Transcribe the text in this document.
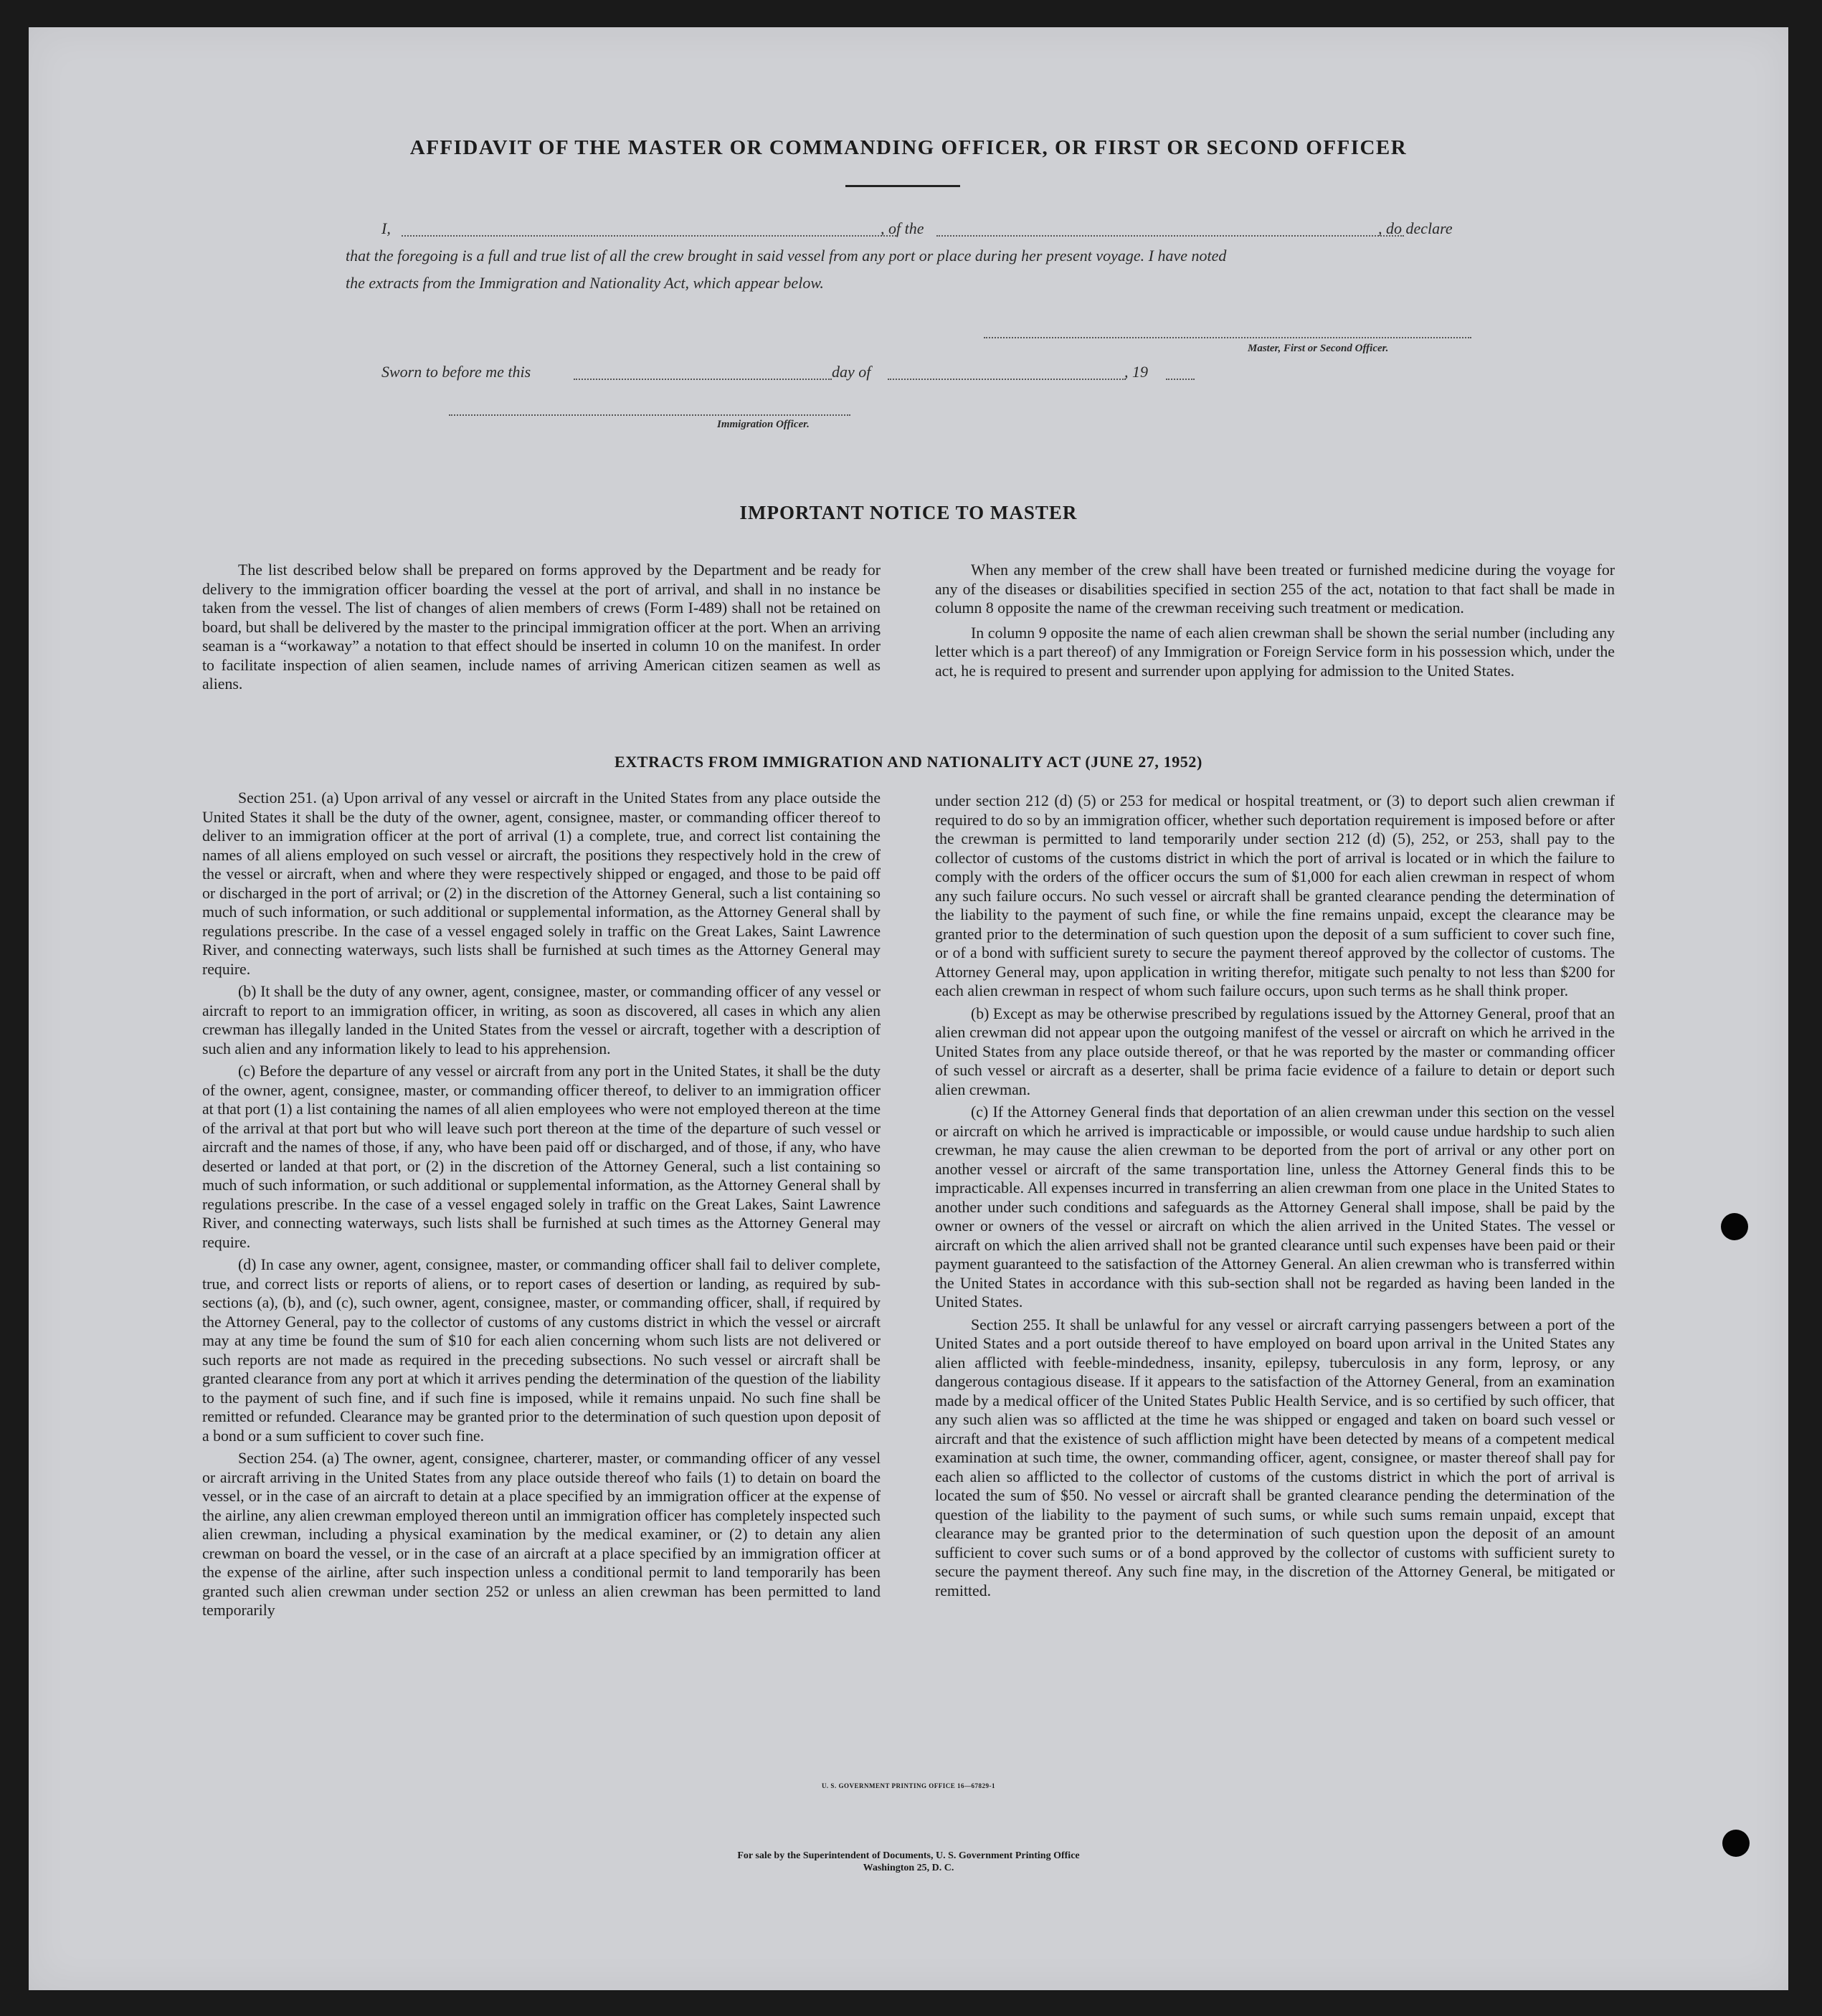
AFFIDAVIT OF THE MASTER OR COMMANDING OFFICER, OR FIRST OR SECOND OFFICER
I,	, of the	, do declare
that the foregoing is a full and true list of all the crew brought in said vessel from any port or place during her present voyage. I have noted
the extracts from the Immigration and Nationality Act, which appear below.
Master, First or Second Officer.
Sworn to before me this	day of	, 19
Immigration Officer.
IMPORTANT NOTICE TO MASTER

The list described below shall be prepared on forms approved by the Department and be ready for delivery to the immigration officer boarding the vessel at the port of arrival, and shall in no instance be taken from the vessel. The list of changes of alien members of crews (Form I-489) shall not be retained on board, but shall be delivered by the master to the principal immigration officer at the port. When an arriving seaman is a “workaway” a notation to that effect should be inserted in column 10 on the manifest. In order to facilitate inspection of alien seamen, include names of arriving American citizen seamen as well as aliens.

When any member of the crew shall have been treated or furnished medicine during the voyage for any of the diseases or disabilities specified in section 255 of the act, notation to that fact shall be made in column 8 opposite the name of the crewman receiving such treatment or medication.

In column 9 opposite the name of each alien crewman shall be shown the serial number (including any letter which is a part thereof) of any Immigration or Foreign Service form in his possession which, under the act, he is required to present and surrender upon applying for admission to the United States.

EXTRACTS FROM IMMIGRATION AND NATIONALITY ACT (JUNE 27, 1952)

Section 251. (a) Upon arrival of any vessel or aircraft in the United States from any place outside the United States it shall be the duty of the owner, agent, consignee, master, or commanding officer thereof to deliver to an immigration officer at the port of arrival (1) a complete, true, and correct list containing the names of all aliens employed on such vessel or aircraft, the positions they respectively hold in the crew of the vessel or aircraft, when and where they were respectively shipped or engaged, and those to be paid off or discharged in the port of arrival; or (2) in the discretion of the Attorney General, such a list containing so much of such information, or such additional or supplemental information, as the Attorney General shall by regulations prescribe. In the case of a vessel engaged solely in traffic on the Great Lakes, Saint Lawrence River, and connecting waterways, such lists shall be furnished at such times as the Attorney General may require.

(b) It shall be the duty of any owner, agent, consignee, master, or commanding officer of any vessel or aircraft to report to an immigration officer, in writing, as soon as discovered, all cases in which any alien crewman has illegally landed in the United States from the vessel or aircraft, together with a description of such alien and any information likely to lead to his apprehension.

(c) Before the departure of any vessel or aircraft from any port in the United States, it shall be the duty of the owner, agent, consignee, master, or commanding officer thereof, to deliver to an immigration officer at that port (1) a list containing the names of all alien employees who were not employed thereon at the time of the arrival at that port but who will leave such port thereon at the time of the departure of such vessel or aircraft and the names of those, if any, who have been paid off or discharged, and of those, if any, who have deserted or landed at that port, or (2) in the discretion of the Attorney General, such a list containing so much of such information, or such additional or supplemental information, as the Attorney General shall by regulations prescribe. In the case of a vessel engaged solely in traffic on the Great Lakes, Saint Lawrence River, and connecting waterways, such lists shall be furnished at such times as the Attorney General may require.

(d) In case any owner, agent, consignee, master, or commanding officer shall fail to deliver complete, true, and correct lists or reports of aliens, or to report cases of desertion or landing, as required by sub-sections (a), (b), and (c), such owner, agent, consignee, master, or commanding officer, shall, if required by the Attorney General, pay to the collector of customs of any customs district in which the vessel or aircraft may at any time be found the sum of $10 for each alien concerning whom such lists are not delivered or such reports are not made as required in the preceding subsections. No such vessel or aircraft shall be granted clearance from any port at which it arrives pending the determination of the question of the liability to the payment of such fine, and if such fine is imposed, while it remains unpaid. No such fine shall be remitted or refunded. Clearance may be granted prior to the determination of such question upon deposit of a bond or a sum sufficient to cover such fine.

Section 254. (a) The owner, agent, consignee, charterer, master, or commanding officer of any vessel or aircraft arriving in the United States from any place outside thereof who fails (1) to detain on board the vessel, or in the case of an aircraft to detain at a place specified by an immigration officer at the expense of the airline, any alien crewman employed thereon until an immigration officer has completely inspected such alien crewman, including a physical examination by the medical examiner, or (2) to detain any alien crewman on board the vessel, or in the case of an aircraft at a place specified by an immigration officer at the expense of the airline, after such inspection unless a conditional permit to land temporarily has been granted such alien crewman under section 252 or unless an alien crewman has been permitted to land temporarily

under section 212 (d) (5) or 253 for medical or hospital treatment, or (3) to deport such alien crewman if required to do so by an immigration officer, whether such deportation requirement is imposed before or after the crewman is permitted to land temporarily under section 212 (d) (5), 252, or 253, shall pay to the collector of customs of the customs district in which the port of arrival is located or in which the failure to comply with the orders of the officer occurs the sum of $1,000 for each alien crewman in respect of whom any such failure occurs. No such vessel or aircraft shall be granted clearance pending the determination of the liability to the payment of such fine, or while the fine remains unpaid, except the clearance may be granted prior to the determination of such question upon the deposit of a sum sufficient to cover such fine, or of a bond with sufficient surety to secure the payment thereof approved by the collector of customs. The Attorney General may, upon application in writing therefor, mitigate such penalty to not less than $200 for each alien crewman in respect of whom such failure occurs, upon such terms as he shall think proper.

(b) Except as may be otherwise prescribed by regulations issued by the Attorney General, proof that an alien crewman did not appear upon the outgoing manifest of the vessel or aircraft on which he arrived in the United States from any place outside thereof, or that he was reported by the master or commanding officer of such vessel or aircraft as a deserter, shall be prima facie evidence of a failure to detain or deport such alien crewman.

(c) If the Attorney General finds that deportation of an alien crewman under this section on the vessel or aircraft on which he arrived is impracticable or impossible, or would cause undue hardship to such alien crewman, he may cause the alien crewman to be deported from the port of arrival or any other port on another vessel or aircraft of the same transportation line, unless the Attorney General finds this to be impracticable. All expenses incurred in transferring an alien crewman from one place in the United States to another under such conditions and safeguards as the Attorney General shall impose, shall be paid by the owner or owners of the vessel or aircraft on which the alien arrived in the United States. The vessel or aircraft on which the alien arrived shall not be granted clearance until such expenses have been paid or their payment guaranteed to the satisfaction of the Attorney General. An alien crewman who is transferred within the United States in accordance with this sub-section shall not be regarded as having been landed in the United States.

Section 255. It shall be unlawful for any vessel or aircraft carrying passengers between a port of the United States and a port outside thereof to have employed on board upon arrival in the United States any alien afflicted with feeble-mindedness, insanity, epilepsy, tuberculosis in any form, leprosy, or any dangerous contagious disease. If it appears to the satisfaction of the Attorney General, from an examination made by a medical officer of the United States Public Health Service, and is so certified by such officer, that any such alien was so afflicted at the time he was shipped or engaged and taken on board such vessel or aircraft and that the existence of such affliction might have been detected by means of a competent medical examination at such time, the owner, commanding officer, agent, consignee, or master thereof shall pay for each alien so afflicted to the collector of customs of the customs district in which the port of arrival is located the sum of $50. No vessel or aircraft shall be granted clearance pending the determination of the question of the liability to the payment of such sums, or while such sums remain unpaid, except that clearance may be granted prior to the determination of such question upon the deposit of an amount sufficient to cover such sums or of a bond approved by the collector of customs with sufficient surety to secure the payment thereof. Any such fine may, in the discretion of the Attorney General, be mitigated or remitted.

U. S. GOVERNMENT PRINTING OFFICE 16—67829-1
For sale by the Superintendent of Documents, U. S. Government Printing Office
Washington 25, D. C.
